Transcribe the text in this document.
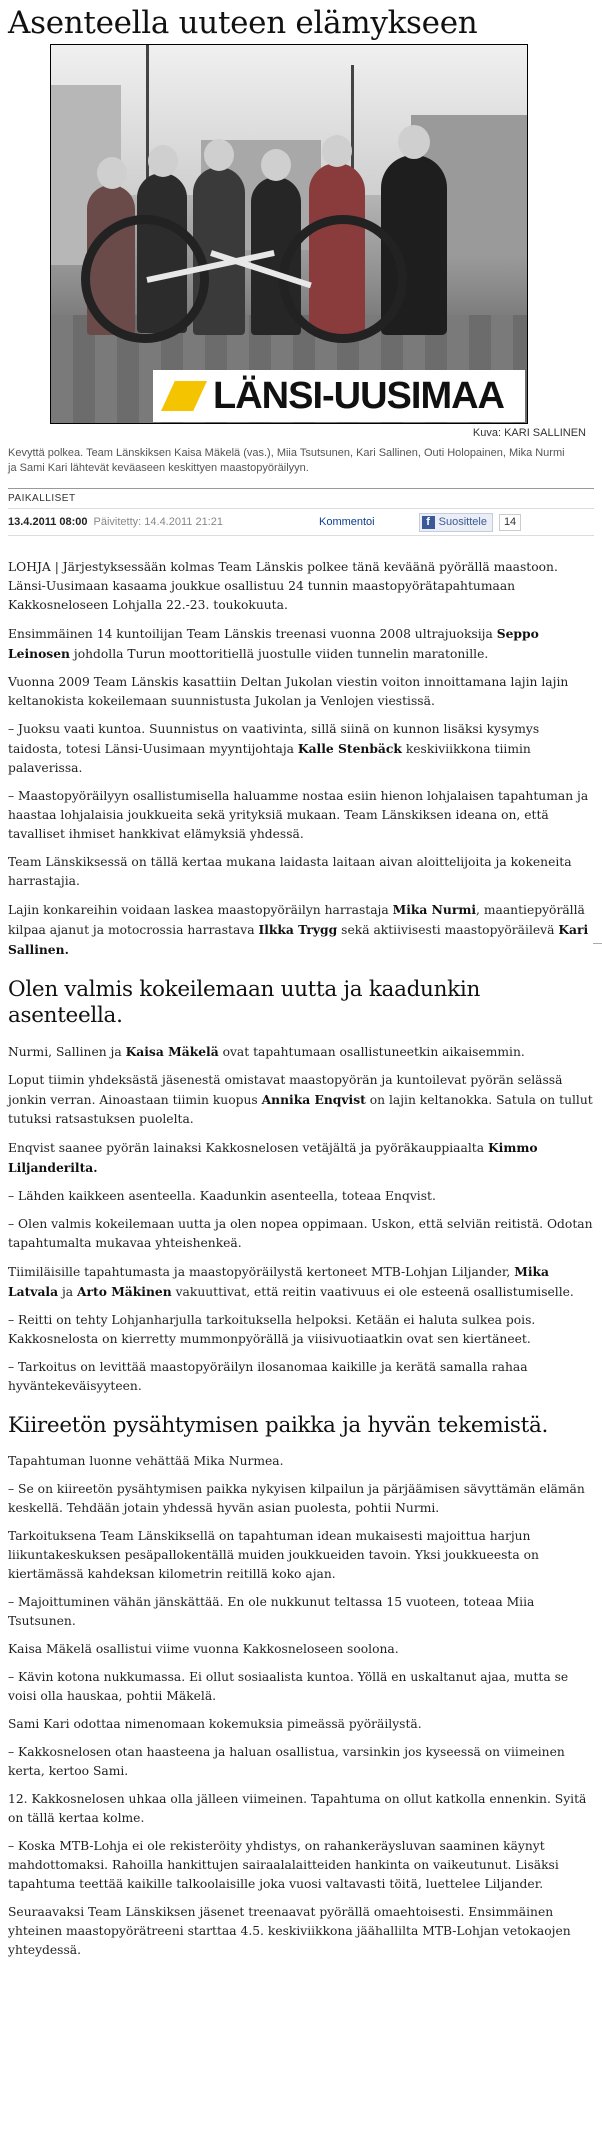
Asenteella uuteen elämykseen
LÄNSI-UUSIMAA
Kuva: KARI SALLINEN
Kevyttä polkea. Team Länskiksen Kaisa Mäkelä (vas.), Miia Tsutsunen, Kari Sallinen, Outi Holopainen, Mika Nurmi ja Sami Kari lähtevät keväaseen keskittyen maastopyöräilyyn.
PAIKALLISET
13.4.2011 08:00 Päivitetty: 14.4.2011 21:21	Kommentoi	f Suosittele	14

LOHJA | Järjestyksessään kolmas Team Länskis polkee tänä keväänä pyörällä maastoon. Länsi-Uusimaan kasaama joukkue osallistuu 24 tunnin maastopyörätapahtumaan Kakkosneloseen Lohjalla 22.-23. toukokuuta.

Ensimmäinen 14 kuntoilijan Team Länskis treenasi vuonna 2008 ultrajuoksija Seppo Leinosen johdolla Turun moottoritiellä juostulle viiden tunnelin maratonille.

Vuonna 2009 Team Länskis kasattiin Deltan Jukolan viestin voiton innoittamana lajin lajin keltanokista kokeilemaan suunnistusta Jukolan ja Venlojen viestissä.

– Juoksu vaati kuntoa. Suunnistus on vaativinta, sillä siinä on kunnon lisäksi kysymys taidosta, totesi Länsi-Uusimaan myyntijohtaja Kalle Stenbäck keskiviikkona tiimin palaverissa.

– Maastopyöräilyyn osallistumisella haluamme nostaa esiin hienon lohjalaisen tapahtuman ja haastaa lohjalaisia joukkueita sekä yrityksiä mukaan. Team Länskiksen ideana on, että tavalliset ihmiset hankkivat elämyksiä yhdessä.

Team Länskiksessä on tällä kertaa mukana laidasta laitaan aivan aloittelijoita ja kokeneita harrastajia.

Lajin konkareihin voidaan laskea maastopyöräilyn harrastaja Mika Nurmi, maantiepyörällä kilpaa ajanut ja motocrossia harrastava Ilkka Trygg sekä aktiivisesti maastopyöräilevä Kari Sallinen.

Olen valmis kokeilemaan uutta ja kaadunkin asenteella.

Nurmi, Sallinen ja Kaisa Mäkelä ovat tapahtumaan osallistuneetkin aikaisemmin.

Loput tiimin yhdeksästä jäsenestä omistavat maastopyörän ja kuntoilevat pyörän selässä jonkin verran. Ainoastaan tiimin kuopus Annika Enqvist on lajin keltanokka. Satula on tullut tutuksi ratsastuksen puolelta.

Enqvist saanee pyörän lainaksi Kakkosnelosen vetäjältä ja pyöräkauppiaalta Kimmo Liljanderilta.

– Lähden kaikkeen asenteella. Kaadunkin asenteella, toteaa Enqvist.

– Olen valmis kokeilemaan uutta ja olen nopea oppimaan. Uskon, että selviän reitistä. Odotan tapahtumalta mukavaa yhteishenkeä.

Tiimiläisille tapahtumasta ja maastopyöräilystä kertoneet MTB-Lohjan Liljander, Mika Latvala ja Arto Mäkinen vakuuttivat, että reitin vaativuus ei ole esteenä osallistumiselle.

– Reitti on tehty Lohjanharjulla tarkoituksella helpoksi. Ketään ei haluta sulkea pois. Kakkosnelosta on kierretty mummonpyörällä ja viisivuotiaatkin ovat sen kiertäneet.

– Tarkoitus on levittää maastopyöräilyn ilosanomaa kaikille ja kerätä samalla rahaa hyväntekeväisyyteen.

Kiireetön pysähtymisen paikka ja hyvän tekemistä.

Tapahtuman luonne vehättää Mika Nurmea.

– Se on kiireetön pysähtymisen paikka nykyisen kilpailun ja pärjäämisen sävyttämän elämän keskellä. Tehdään jotain yhdessä hyvän asian puolesta, pohtii Nurmi.

Tarkoituksena Team Länskiksellä on tapahtuman idean mukaisesti majoittua harjun liikuntakeskuksen pesäpallokentällä muiden joukkueiden tavoin. Yksi joukkueesta on kiertämässä kahdeksan kilometrin reitillä koko ajan.

– Majoittuminen vähän jänskättää. En ole nukkunut teltassa 15 vuoteen, toteaa Miia Tsutsunen.

Kaisa Mäkelä osallistui viime vuonna Kakkosneloseen soolona.

– Kävin kotona nukkumassa. Ei ollut sosiaalista kuntoa. Yöllä en uskaltanut ajaa, mutta se voisi olla hauskaa, pohtii Mäkelä.

Sami Kari odottaa nimenomaan kokemuksia pimeässä pyöräilystä.

– Kakkosnelosen otan haasteena ja haluan osallistua, varsinkin jos kyseessä on viimeinen kerta, kertoo Sami.

12. Kakkosnelosen uhkaa olla jälleen viimeinen. Tapahtuma on ollut katkolla ennenkin. Syitä on tällä kertaa kolme.

– Koska MTB-Lohja ei ole rekisteröity yhdistys, on rahankeräysluvan saaminen käynyt mahdottomaksi. Rahoilla hankittujen sairaalalaitteiden hankinta on vaikeutunut. Lisäksi tapahtuma teettää kaikille talkoolaisille joka vuosi valtavasti töitä, luettelee Liljander.

Seuraavaksi Team Länskiksen jäsenet treenaavat pyörällä omaehtoisesti. Ensimmäinen yhteinen maastopyörätreeni starttaa 4.5. keskiviikkona jäähallilta MTB-Lohjan vetokaojen yhteydessä.
